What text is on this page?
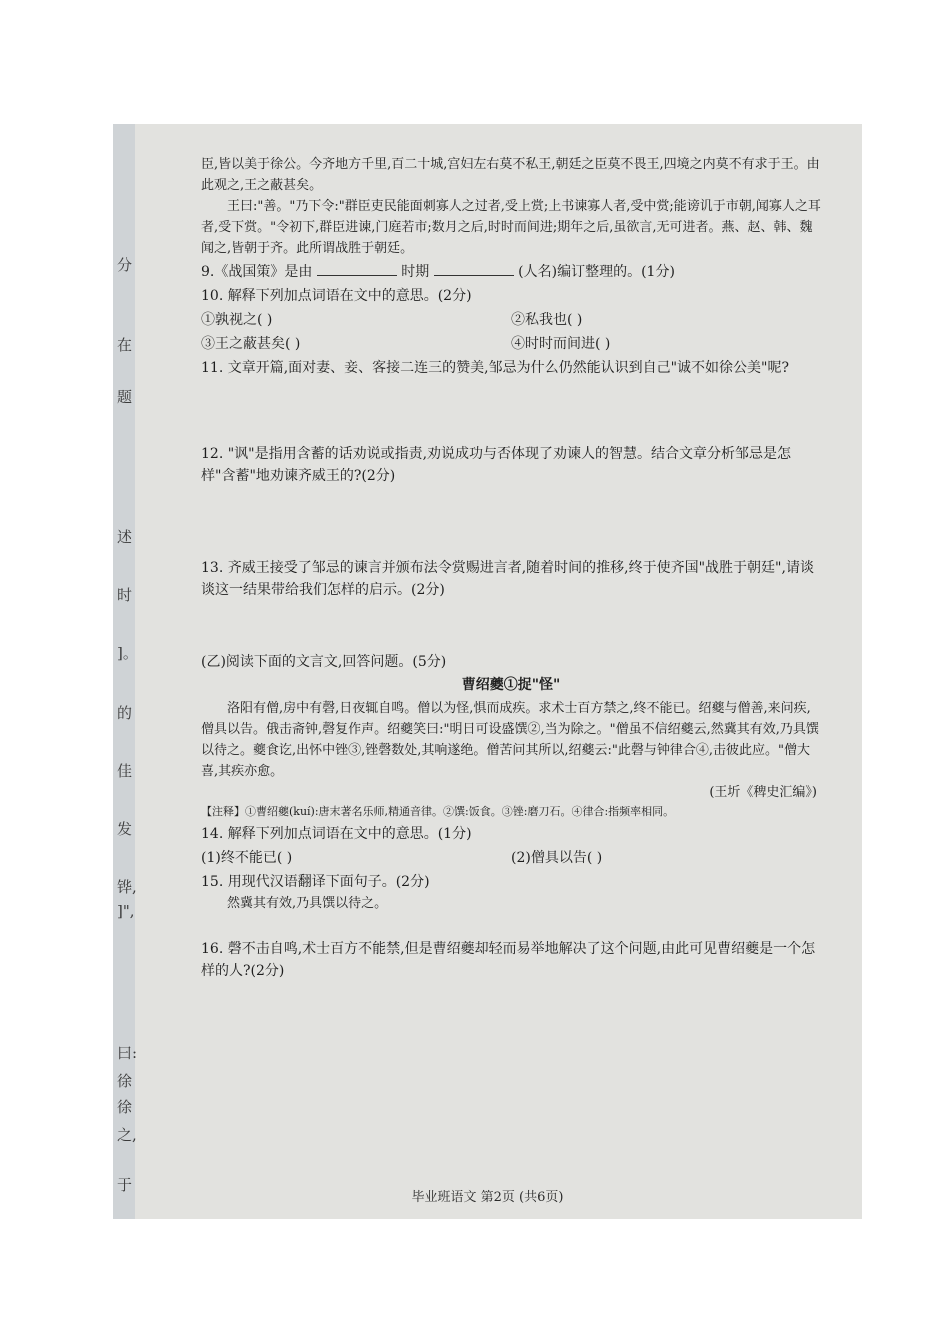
分
在
题
述
时
]。
的
佳
发
铧,
]",
曰:
徐
徐
之,
于

臣,皆以美于徐公。今齐地方千里,百二十城,宫妇左右莫不私王,朝廷之臣莫不畏王,四境之内莫不有求于王。由此观之,王之蔽甚矣。

王曰:"善。"乃下令:"群臣吏民能面刺寡人之过者,受上赏;上书谏寡人者,受中赏;能谤讥于市朝,闻寡人之耳者,受下赏。"令初下,群臣进谏,门庭若市;数月之后,时时而间进;期年之后,虽欲言,无可进者。燕、赵、韩、魏闻之,皆朝于齐。此所谓战胜于朝廷。

9.《战国策》是由	时期	(人名)编订整理的。(1分)

10. 解释下列加点词语在文中的意思。(2分)

①孰视之( )	②私我也( )
③王之蔽甚矣( )	④时时而间进( )

11. 文章开篇,面对妻、妾、客接二连三的赞美,邹忌为什么仍然能认识到自己"诚不如徐公美"呢?

12. "讽"是指用含蓄的话劝说或指责,劝说成功与否体现了劝谏人的智慧。结合文章分析邹忌是怎样"含蓄"地劝谏齐威王的?(2分)

13. 齐威王接受了邹忌的谏言并颁布法令赏赐进言者,随着时间的推移,终于使齐国"战胜于朝廷",请谈谈这一结果带给我们怎样的启示。(2分)

(乙)阅读下面的文言文,回答问题。(5分)

曹绍夔①捉"怪"

洛阳有僧,房中有磬,日夜辄自鸣。僧以为怪,惧而成疾。求术士百方禁之,终不能已。绍夔与僧善,来问疾,僧具以告。俄击斋钟,磬复作声。绍夔笑曰:"明日可设盛馔②,当为除之。"僧虽不信绍夔云,然冀其有效,乃具馔以待之。夔食讫,出怀中锉③,锉磬数处,其响遂绝。僧苦问其所以,绍夔云:"此磬与钟律合④,击彼此应。"僧大喜,其疾亦愈。

(王圻《稗史汇编》)

【注释】①曹绍夔(kuí):唐末著名乐师,精通音律。②馔:饭食。③锉:磨刀石。④律合:指频率相同。

14. 解释下列加点词语在文中的意思。(1分)

(1)终不能已( )	(2)僧具以告( )

15. 用现代汉语翻译下面句子。(2分)

然冀其有效,乃具馔以待之。

16. 磬不击自鸣,术士百方不能禁,但是曹绍夔却轻而易举地解决了这个问题,由此可见曹绍夔是一个怎样的人?(2分)

毕业班语文 第2页 (共6页)
